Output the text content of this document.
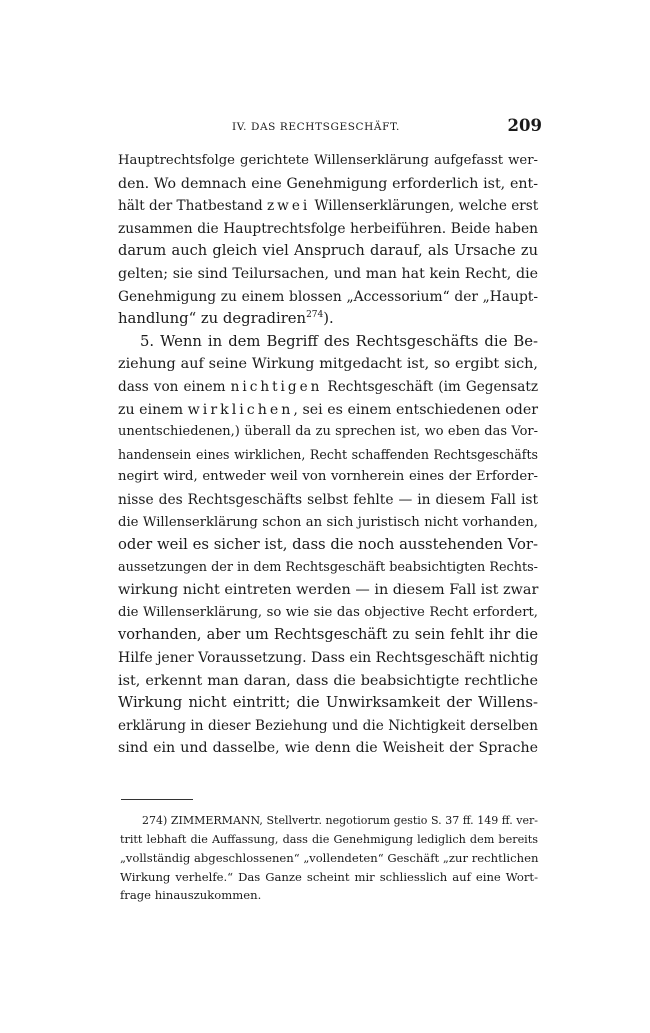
IV. DAS RECHTSGESCHÄFT.	209
Hauptrechtsfolge gerichtete Willenserklärung aufgefasst wer-
den. Wo demnach eine Genehmigung erforderlich ist, ent-
hält der Thatbestand zwei Willenserklärungen, welche erst
zusammen die Hauptrechtsfolge herbeiführen. Beide haben
darum auch gleich viel Anspruch darauf, als Ursache zu
gelten; sie sind Teilursachen, und man hat kein Recht, die
Genehmigung zu einem blossen „Accessorium“ der „Haupt-
handlung“ zu degradiren$^{274}$).
5. Wenn in dem Begriff des Rechtsgeschäfts die Be-
ziehung auf seine Wirkung mitgedacht ist, so ergibt sich,
dass von einem nichtigen Rechtsgeschäft (im Gegensatz
zu einem wirklichen, sei es einem entschiedenen oder
unentschiedenen,) überall da zu sprechen ist, wo eben das Vor-
handensein eines wirklichen, Recht schaffenden Rechtsgeschäfts
negirt wird, entweder weil von vornherein eines der Erforder-
nisse des Rechtsgeschäfts selbst fehlte — in diesem Fall ist
die Willenserklärung schon an sich juristisch nicht vorhanden,
oder weil es sicher ist, dass die noch ausstehenden Vor-
aussetzungen der in dem Rechtsgeschäft beabsichtigten Rechts-
wirkung nicht eintreten werden — in diesem Fall ist zwar
die Willenserklärung, so wie sie das objective Recht erfordert,
vorhanden, aber um Rechtsgeschäft zu sein fehlt ihr die
Hilfe jener Voraussetzung. Dass ein Rechtsgeschäft nichtig
ist, erkennt man daran, dass die beabsichtigte rechtliche
Wirkung nicht eintritt; die Unwirksamkeit der Willens-
erklärung in dieser Beziehung und die Nichtigkeit derselben
sind ein und dasselbe, wie denn die Weisheit der Sprache
274) ZIMMERMANN, Stellvertr. negotiorum gestio S. 37 ff. 149 ff. ver-
tritt lebhaft die Auffassung, dass die Genehmigung lediglich dem bereits
„vollständig abgeschlossenen“ „vollendeten“ Geschäft „zur rechtlichen
Wirkung verhelfe.“ Das Ganze scheint mir schliesslich auf eine Wort-
frage hinauszukommen.
